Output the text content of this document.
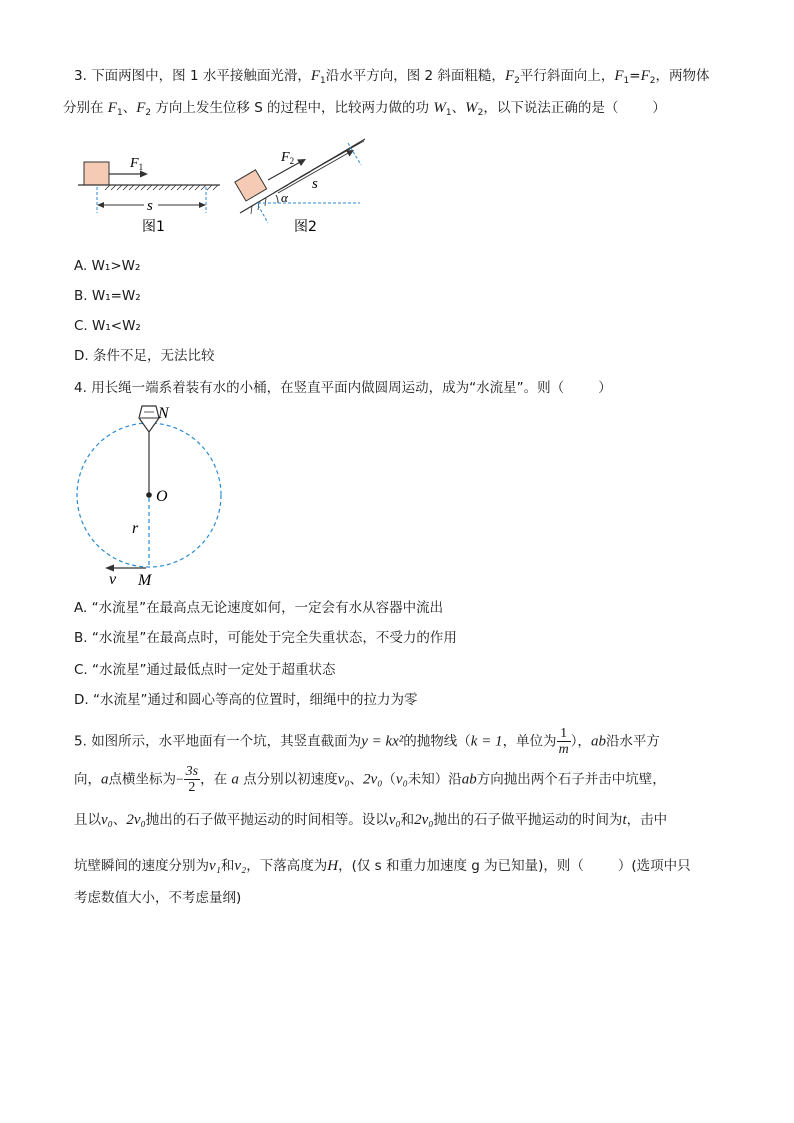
3. 下面两图中，图 1 水平接触面光滑，$F_1$沿水平方向，图 2 斜面粗糙，$F_2$平行斜面向上，$F_1=F_2$，两物体
分别在 $F_1$、$F_2$ 方向上发生位移 S 的过程中，比较两力做的功 $W_1$、$W_2$，以下说法正确的是（	）
$F_1$
s
图1
$F_2$
α
s
图2
A. W₁>W₂
B. W₁=W₂
C. W₁<W₂
D. 条件不足，无法比较
4. 用长绳一端系着装有水的小桶，在竖直平面内做圆周运动，成为“水流星”。则（	）
N
O
r
v M
A. “水流星”在最高点无论速度如何，一定会有水从容器中流出
B. “水流星”在最高点时，可能处于完全失重状态，不受力的作用
C. “水流星”通过最低点时一定处于超重状态
D. “水流星”通过和圆心等高的位置时，细绳中的拉力为零
5. 如图所示，水平地面有一个坑，其竖直截面为y = kx²的抛物线（k = 1，单位为 $\frac{1}{m}$ ），ab沿水平方
向，a点横坐标为− $\frac{3s}{2}$ ，在 a 点分别以初速度v₀、2v₀（v₀未知）沿ab方向抛出两个石子并击中坑壁，
且以v₀、2v₀抛出的石子做平抛运动的时间相等。设以v₀和2v₀抛出的石子做平抛运动的时间为t，击中
坑壁瞬间的速度分别为v₁和v₂，下落高度为H，(仅 s 和重力加速度 g 为已知量)，则（	）(选项中只
考虑数值大小，不考虑量纲)
